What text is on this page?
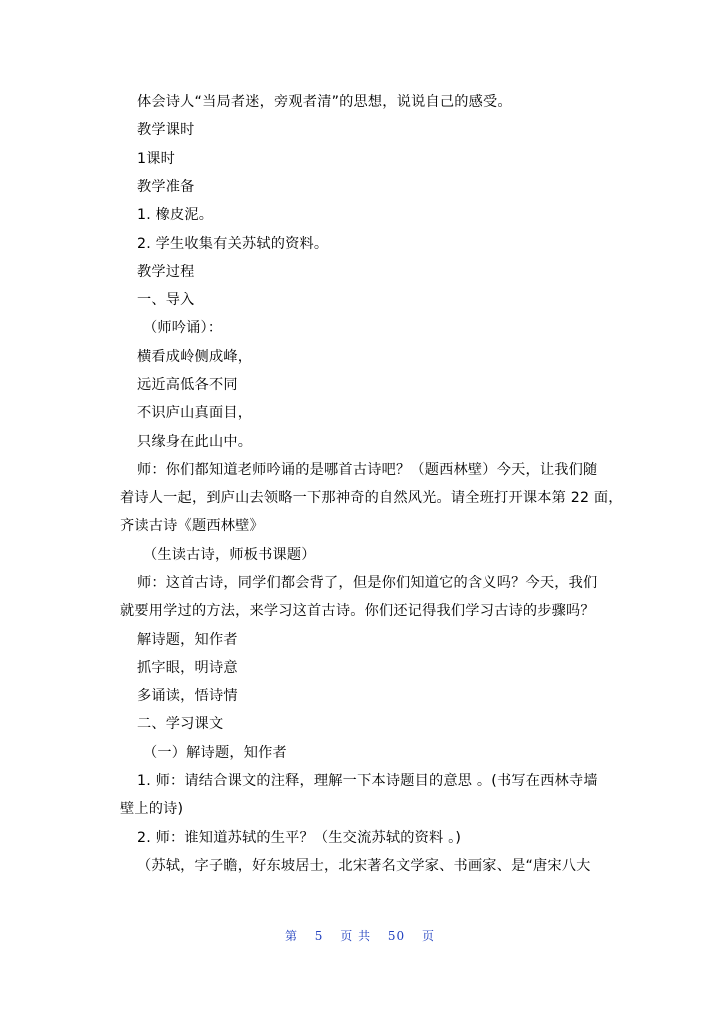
体会诗人“当局者迷，旁观者清”的思想，说说自己的感受。
教学课时
1课时
教学准备
1. 橡皮泥。
2. 学生收集有关苏轼的资料。
教学过程
一、导入
（师吟诵）：
横看成岭侧成峰，
远近高低各不同
不识庐山真面目，
只缘身在此山中。
师：你们都知道老师吟诵的是哪首古诗吧？（题西林壁）今天，让我们随
着诗人一起，到庐山去领略一下那神奇的自然风光。请全班打开课本第 22 面，
齐读古诗《题西林壁》
（生读古诗，师板书课题）
师：这首古诗，同学们都会背了，但是你们知道它的含义吗？今天，我们
就要用学过的方法，来学习这首古诗。你们还记得我们学习古诗的步骤吗？
解诗题，知作者
抓字眼，明诗意
多诵读，悟诗情
二、学习课文
（一）解诗题，知作者
1. 师：请结合课文的注释，理解一下本诗题目的意思 。(书写在西林寺墙
壁上的诗)
2. 师：谁知道苏轼的生平？（生交流苏轼的资料 。)
（苏轼，字子瞻，好东坡居士，北宋著名文学家、书画家、是“唐宋八大
第 5 页 共 50 页
